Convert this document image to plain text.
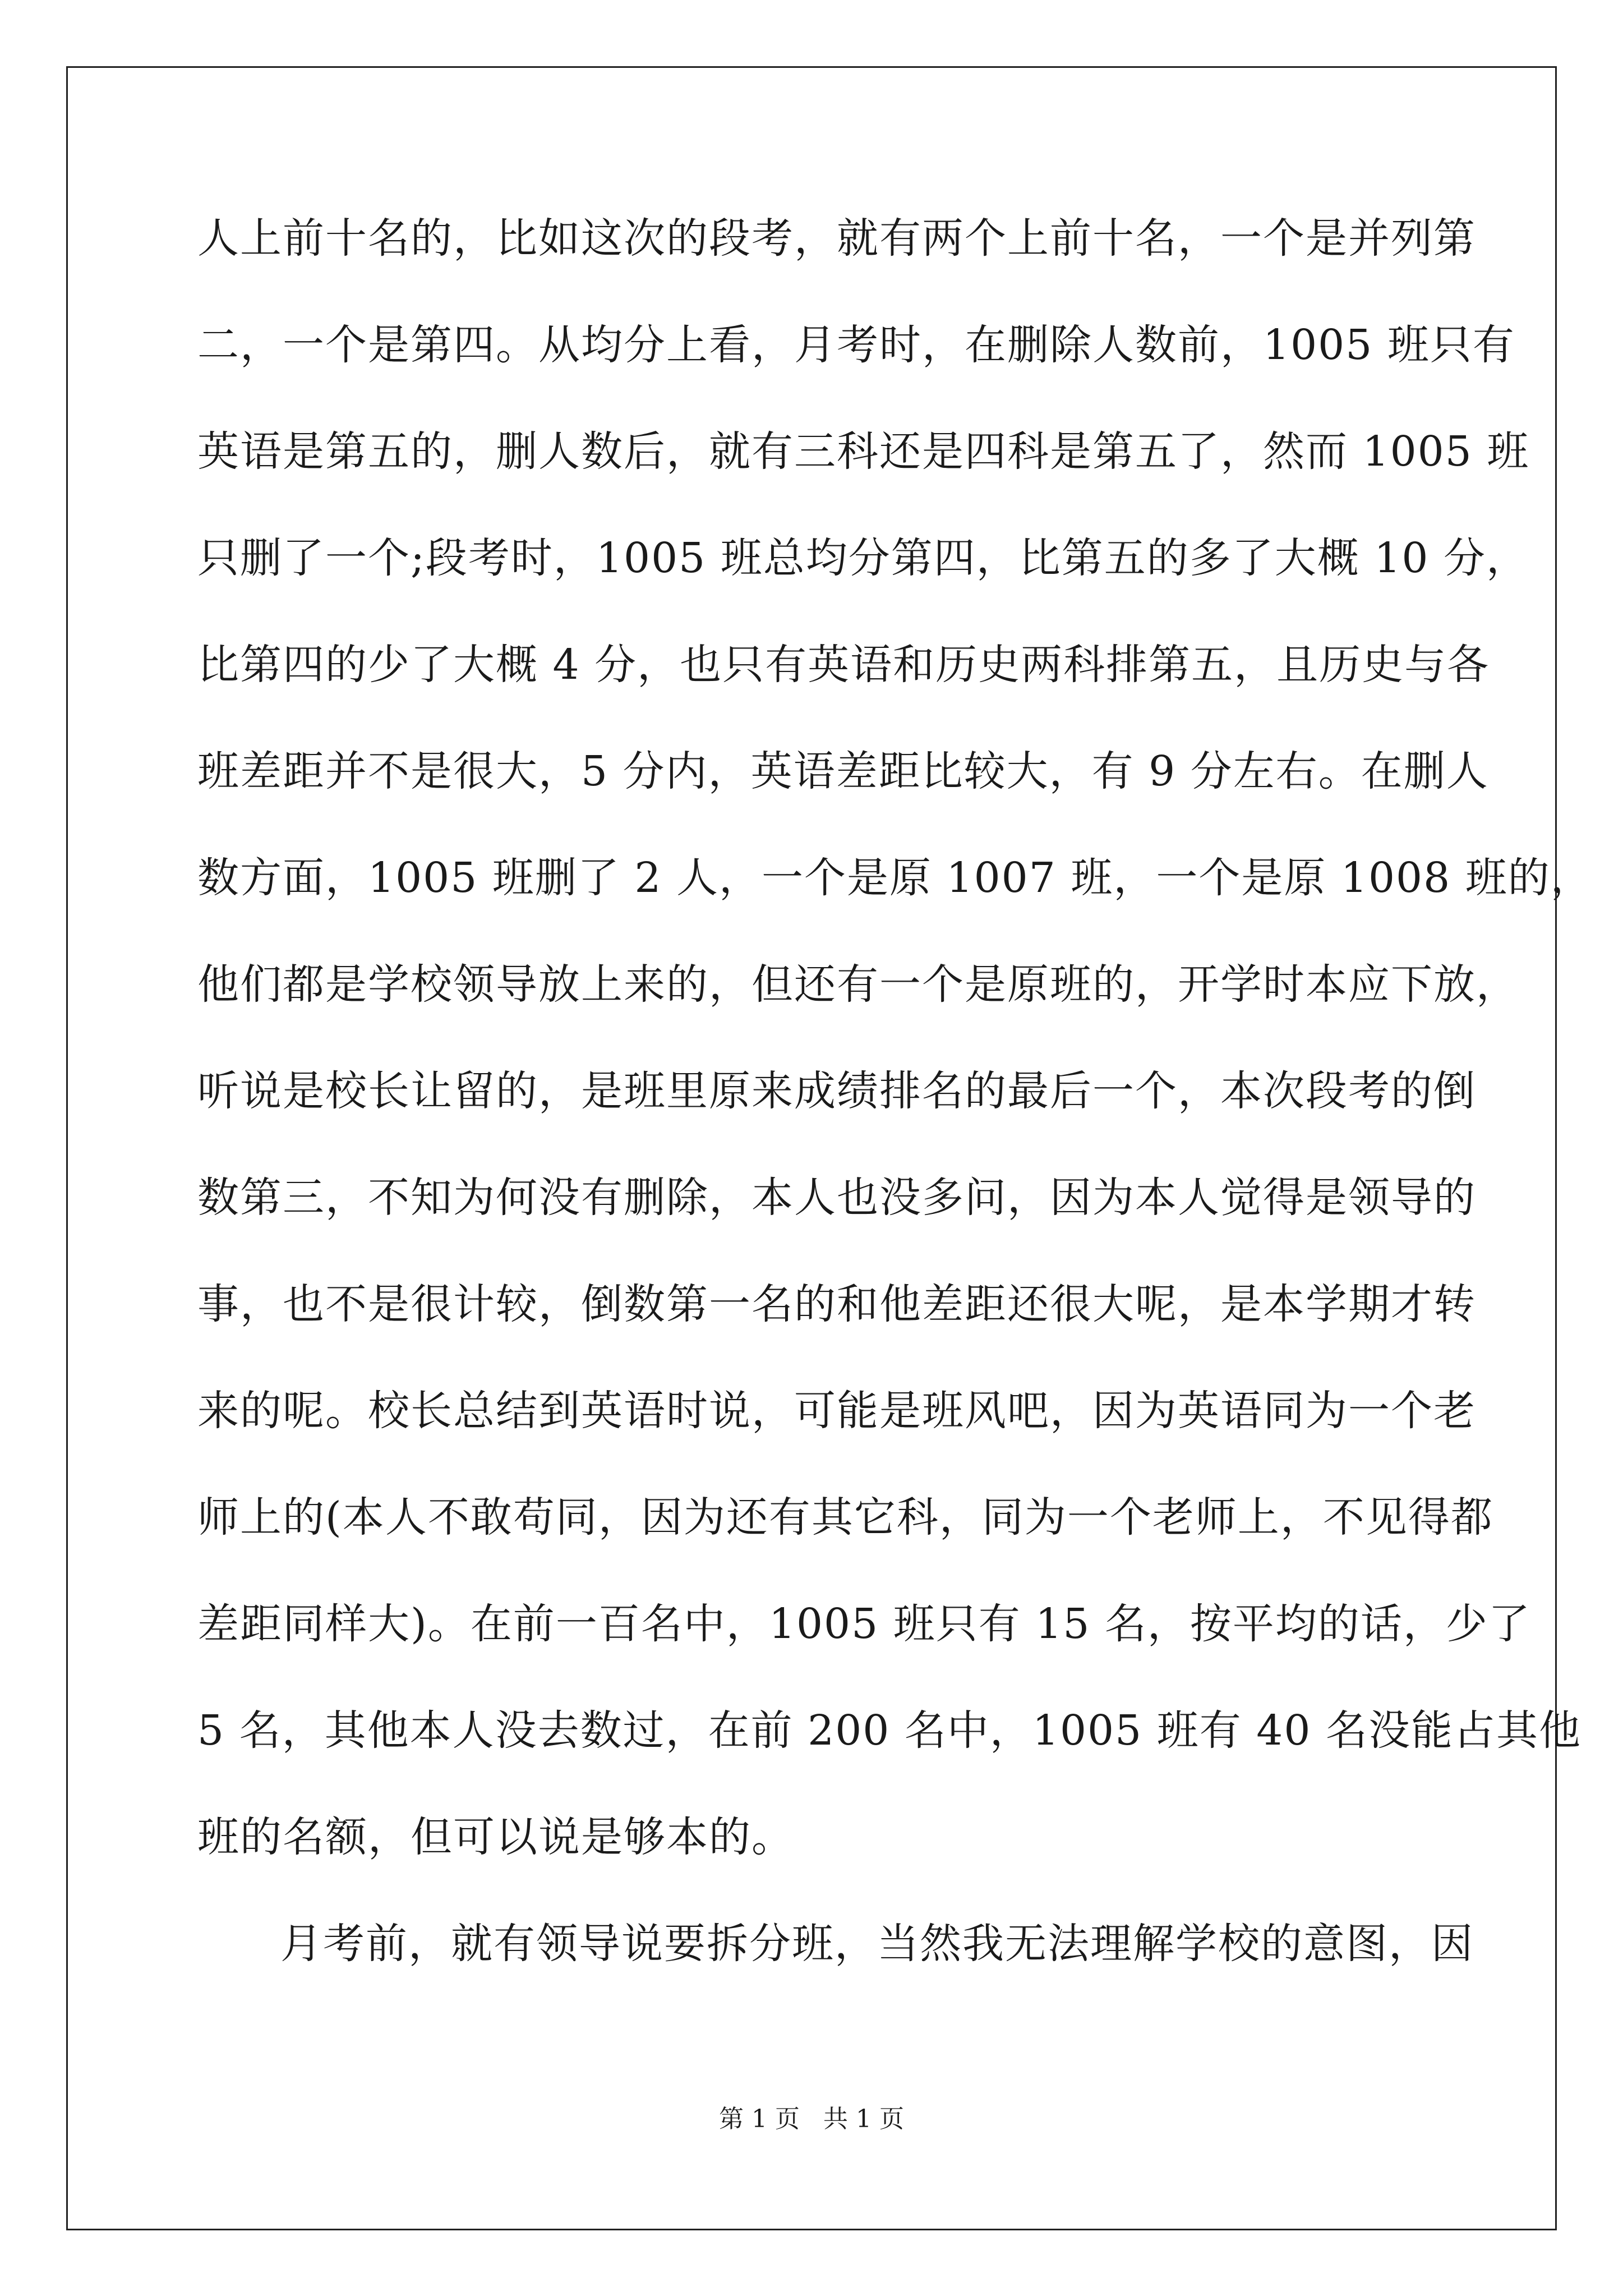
人上前十名的，比如这次的段考，就有两个上前十名，一个是并列第
二，一个是第四。从均分上看，月考时，在删除人数前，1005 班只有
英语是第五的，删人数后，就有三科还是四科是第五了，然而 1005 班
只删了一个;段考时，1005 班总均分第四，比第五的多了大概 10 分，
比第四的少了大概 4 分，也只有英语和历史两科排第五，且历史与各
班差距并不是很大，5 分内，英语差距比较大，有 9 分左右。在删人
数方面，1005 班删了 2 人，一个是原 1007 班，一个是原 1008 班的，
他们都是学校领导放上来的，但还有一个是原班的，开学时本应下放，
听说是校长让留的，是班里原来成绩排名的最后一个，本次段考的倒
数第三，不知为何没有删除，本人也没多问，因为本人觉得是领导的
事，也不是很计较，倒数第一名的和他差距还很大呢，是本学期才转
来的呢。校长总结到英语时说，可能是班风吧，因为英语同为一个老
师上的(本人不敢苟同，因为还有其它科，同为一个老师上，不见得都
差距同样大)。在前一百名中，1005 班只有 15 名，按平均的话，少了
5 名，其他本人没去数过，在前 200 名中，1005 班有 40 名没能占其他
班的名额，但可以说是够本的。
月考前，就有领导说要拆分班，当然我无法理解学校的意图，因
第 1 页   共 1 页
